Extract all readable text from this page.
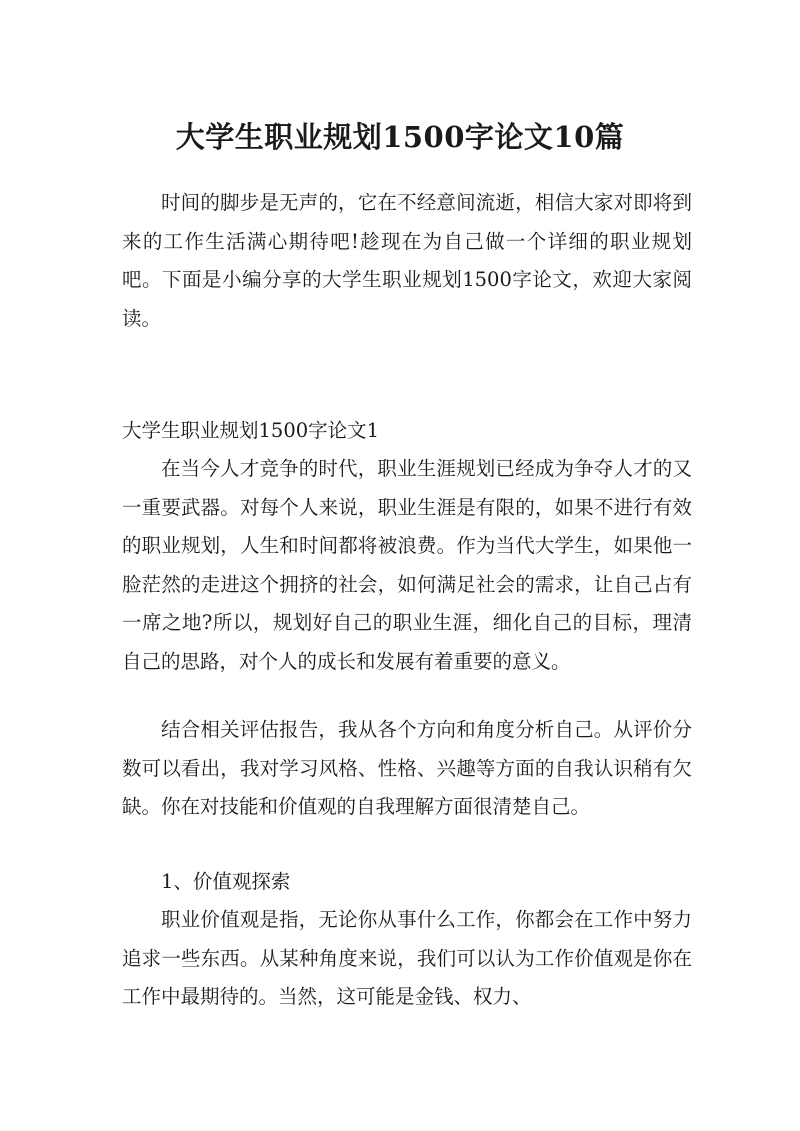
大学生职业规划1500字论文10篇

时间的脚步是无声的，它在不经意间流逝，相信大家对即将到来的工作生活满心期待吧!趁现在为自己做一个详细的职业规划吧。下面是小编分享的大学生职业规划1500字论文，欢迎大家阅读。

大学生职业规划1500字论文1

在当今人才竞争的时代，职业生涯规划已经成为争夺人才的又一重要武器。对每个人来说，职业生涯是有限的，如果不进行有效的职业规划，人生和时间都将被浪费。作为当代大学生，如果他一脸茫然的走进这个拥挤的社会，如何满足社会的需求，让自己占有一席之地?所以，规划好自己的职业生涯，细化自己的目标，理清自己的思路，对个人的成长和发展有着重要的意义。

结合相关评估报告，我从各个方向和角度分析自己。从评价分数可以看出，我对学习风格、性格、兴趣等方面的自我认识稍有欠缺。你在对技能和价值观的自我理解方面很清楚自己。

1、价值观探索

职业价值观是指，无论你从事什么工作，你都会在工作中努力追求一些东西。从某种角度来说，我们可以认为工作价值观是你在工作中最期待的。当然，这可能是金钱、权力、
